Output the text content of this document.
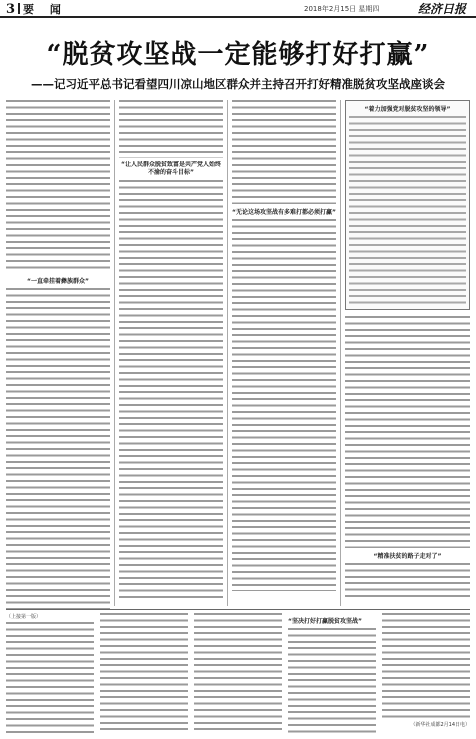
3 要 闻	2018年2月15日 星期四	经济日报
“脱贫攻坚战一定能够打好打赢”
——记习近平总书记看望四川凉山地区群众并主持召开打好精准脱贫攻坚战座谈会
“一直牵挂着彝族群众”
“让人民群众脱贫致富是共产党人始终不渝的奋斗目标”
“无论这场攻坚战有多难打都必须打赢”
“着力加强党对脱贫攻坚的领导”
“精准扶贫的路子走对了”
（上接第一版）
“坚决打好打赢脱贫攻坚战”
（新华社成都2月14日电）
